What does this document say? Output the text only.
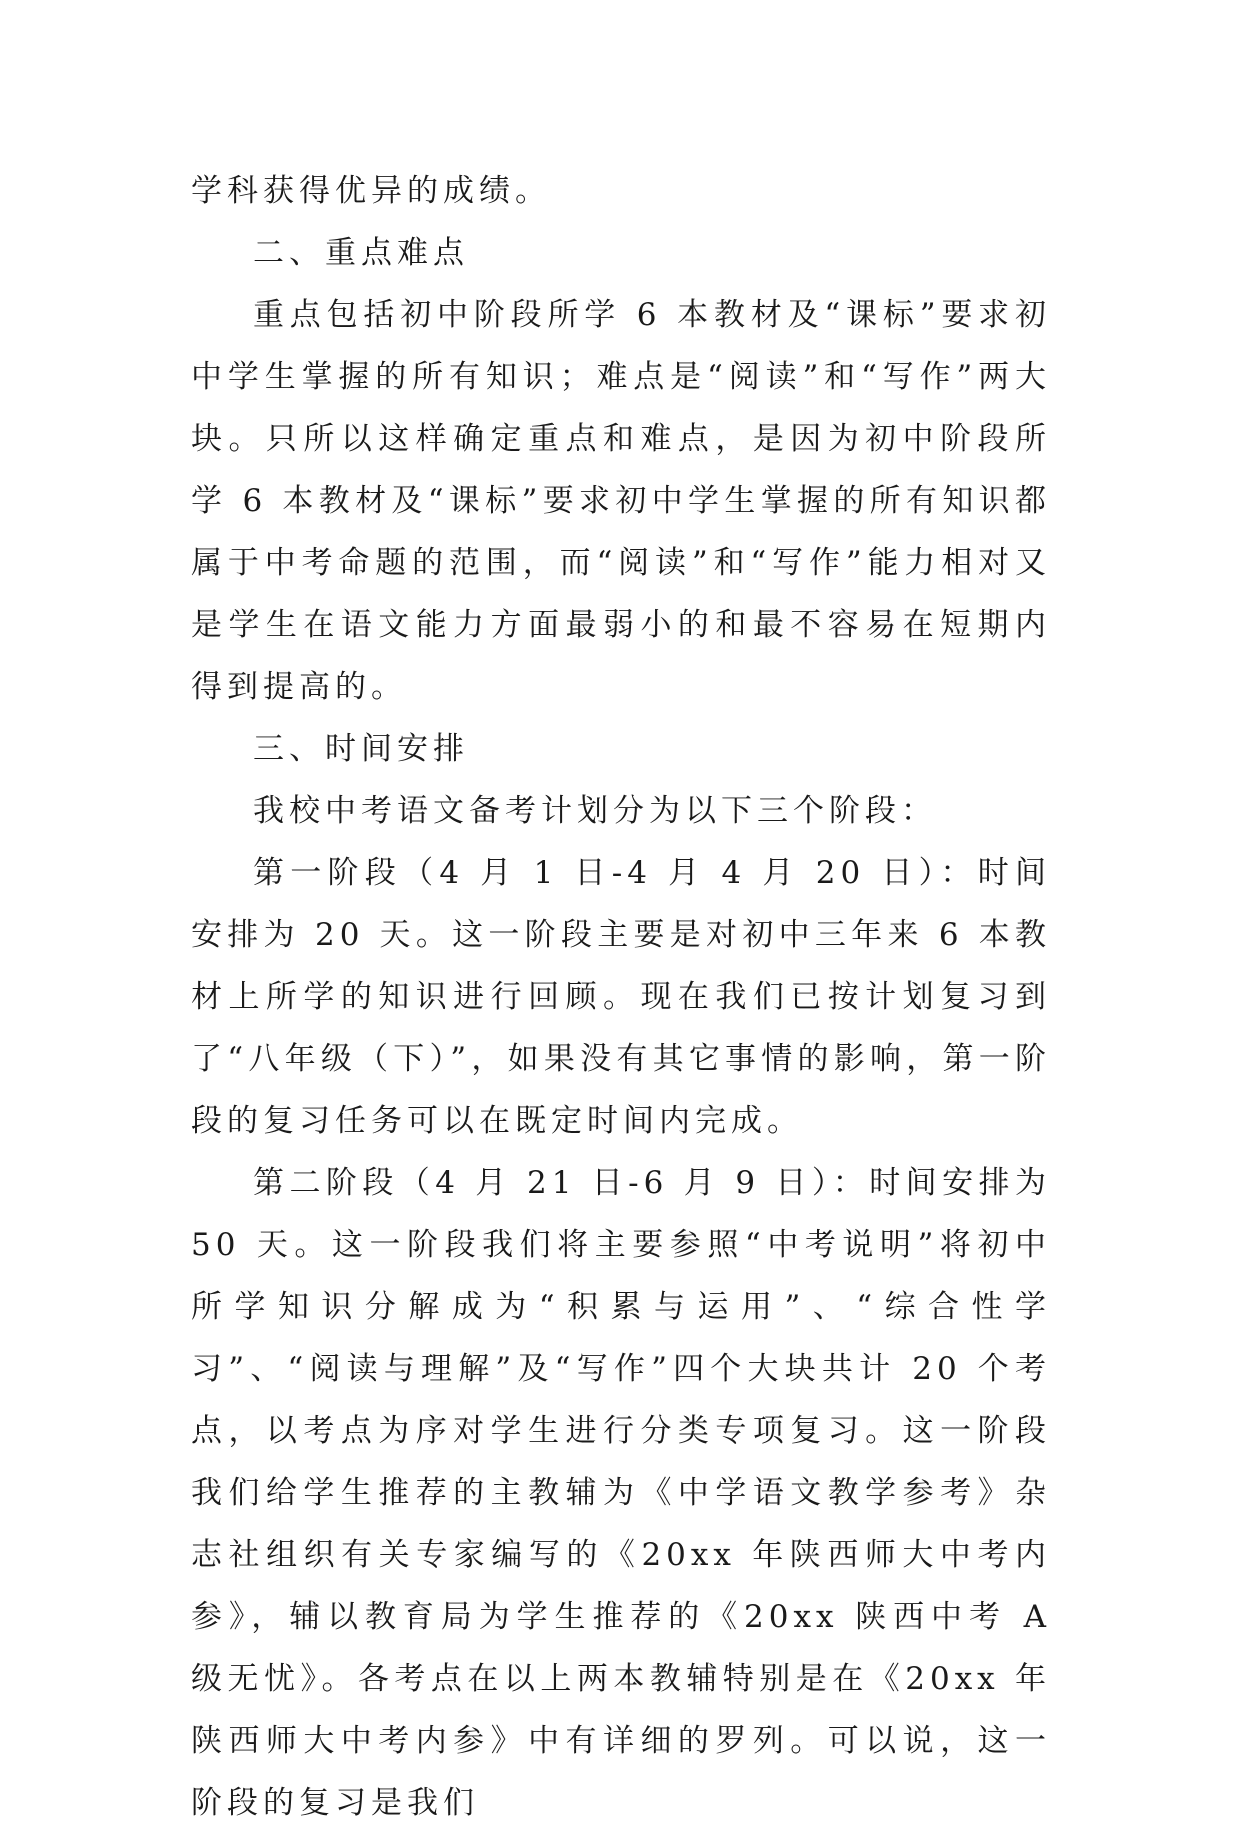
学科获得优异的成绩。

二、重点难点

重点包括初中阶段所学 6 本教材及“课标”要求初中学生掌握的所有知识；难点是“阅读”和“写作”两大块。只所以这样确定重点和难点，是因为初中阶段所学 6 本教材及“课标”要求初中学生掌握的所有知识都属于中考命题的范围，而“阅读”和“写作”能力相对又是学生在语文能力方面最弱小的和最不容易在短期内得到提高的。

三、时间安排

我校中考语文备考计划分为以下三个阶段：

第一阶段（4 月 1 日-4 月 4 月 20 日）：时间安排为 20 天。这一阶段主要是对初中三年来 6 本教材上所学的知识进行回顾。现在我们已按计划复习到了“八年级（下）”，如果没有其它事情的影响，第一阶段的复习任务可以在既定时间内完成。

第二阶段（4 月 21 日-6 月 9 日）：时间安排为 50 天。这一阶段我们将主要参照“中考说明”将初中所学知识分解成为“积累与运用”、“综合性学习”、“阅读与理解”及“写作”四个大块共计 20 个考点，以考点为序对学生进行分类专项复习。这一阶段我们给学生推荐的主教辅为《中学语文教学参考》杂志社组织有关专家编写的《20xx 年陕西师大中考内参》，辅以教育局为学生推荐的《20xx 陕西中考 A 级无忧》。各考点在以上两本教辅特别是在《20xx 年陕西师大中考内参》中有详细的罗列。可以说，这一阶段的复习是我们
